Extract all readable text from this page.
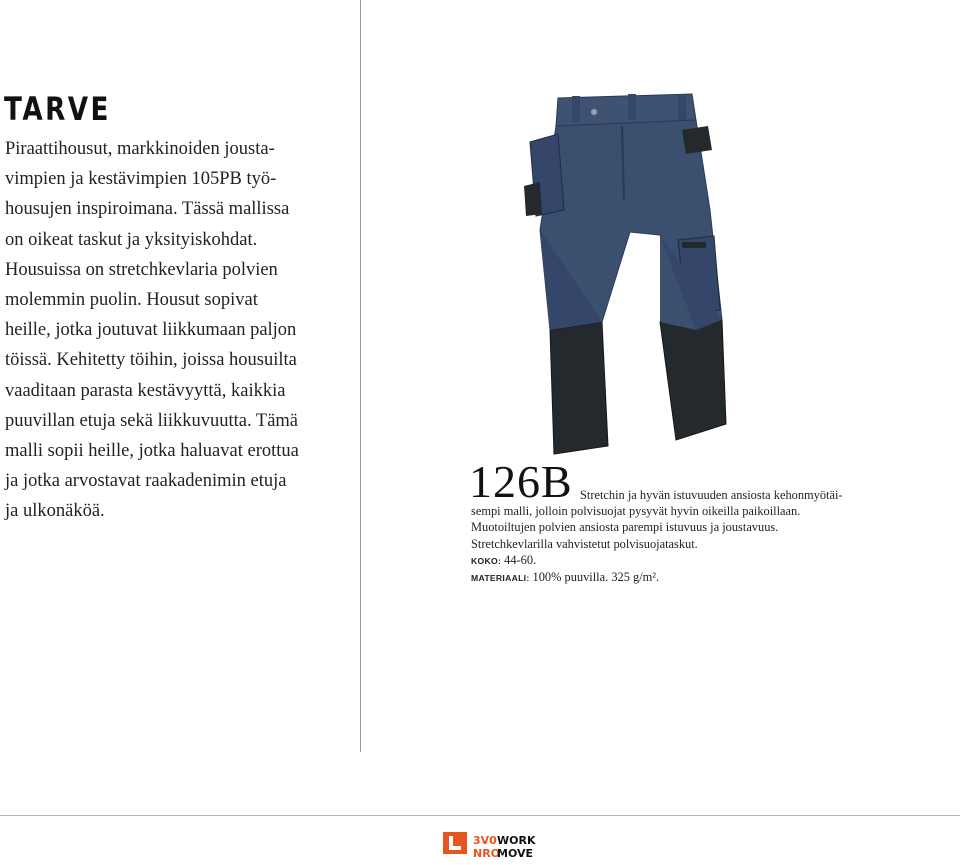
TARVE

Piraattihousut, markkinoiden jousta-
vimpien ja kestävimpien 105PB työ-
housujen inspiroimana. Tässä mallissa
on oikeat taskut ja yksityiskohdat.
Housuissa on stretchkevlaria polvien
molemmin puolin. Housut sopivat
heille, jotka joutuvat liikkumaan paljon
töissä. Kehitetty töihin, joissa housuilta
vaaditaan parasta kestävyyttä, kaikkia
puuvillan etuja sekä liikkuvuutta. Tämä
malli sopii heille, jotka haluavat erottua
ja jotka arvostavat raakadenimin etuja
ja ulkonäköä.

126B Stretchin ja hyvän istuvuuden ansiosta kehonmyötäi-
sempi malli, jolloin polvisuojat pysyvät hyvin oikeilla paikoillaan.
Muotoiltujen polvien ansiosta parempi istuvuus ja joustavuus.
Stretchkevlarilla vahvistetut polvisuojataskut.
KOKO: 44-60.
MATERIAALI: 100% puuvilla. 325 g/m².

3V0 WORK
NRO
MOVE
